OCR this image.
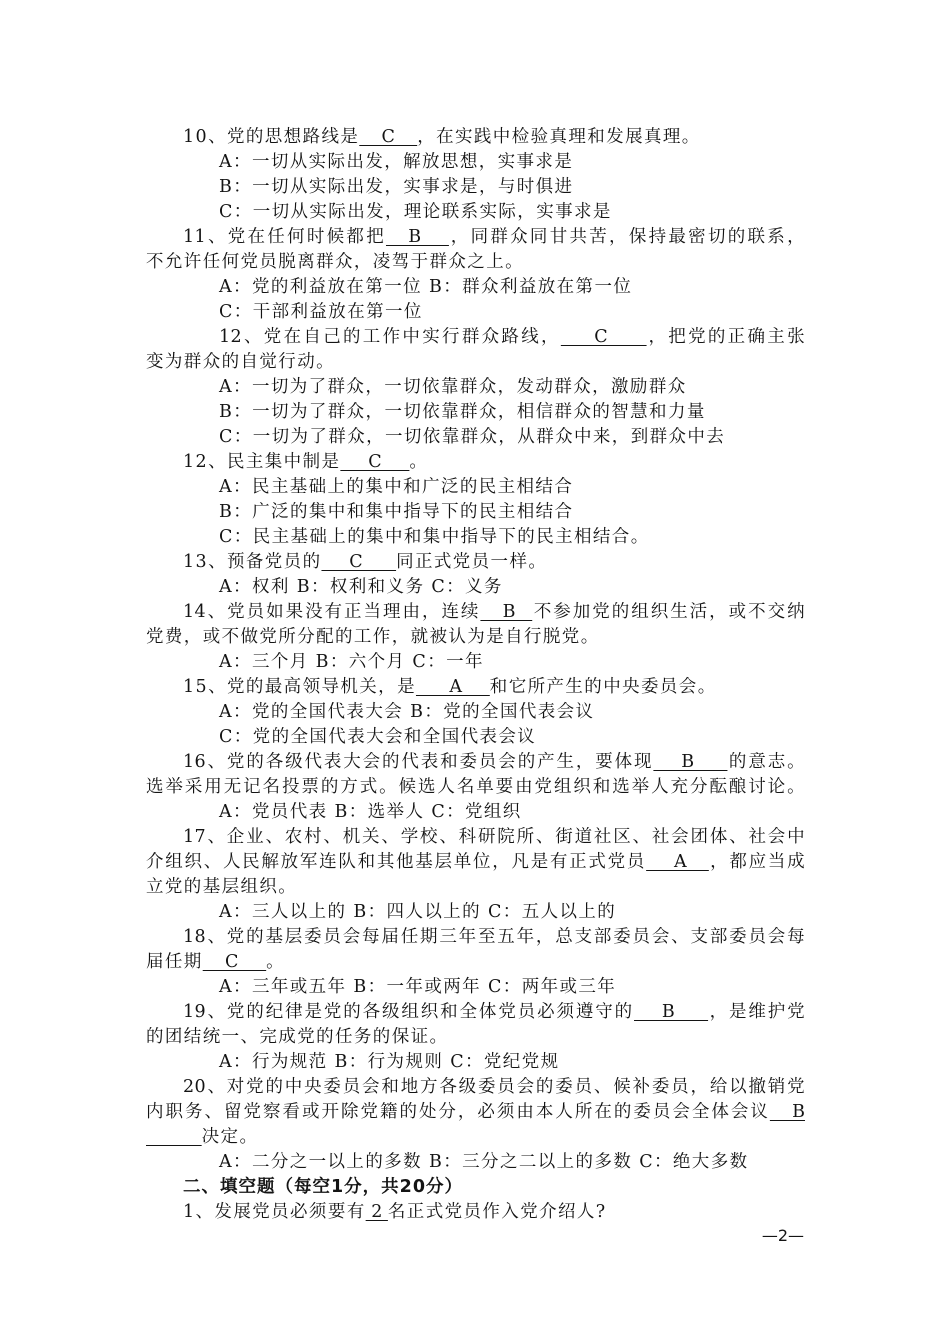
10、党的思想路线是    C    ，在实践中检验真理和发展真理。

A：一切从实际出发，解放思想，实事求是

B：一切从实际出发，实事求是，与时俱进

C：一切从实际出发，理论联系实际，实事求是

11、党在任何时候都把    B     ，同群众同甘共苦，保持最密切的联系，

不允许任何党员脱离群众，凌驾于群众之上。

A：党的利益放在第一位 B：群众利益放在第一位

C：干部利益放在第一位

12、党在自己的工作中实行群众路线，      C       ，把党的正确主张

变为群众的自觉行动。

A：一切为了群众，一切依靠群众，发动群众，激励群众

B：一切为了群众，一切依靠群众，相信群众的智慧和力量

C：一切为了群众，一切依靠群众，从群众中来，到群众中去

12、民主集中制是     C     。

A：民主基础上的集中和广泛的民主相结合

B：广泛的集中和集中指导下的民主相结合

C：民主基础上的集中和集中指导下的民主相结合。

13、预备党员的     C      同正式党员一样。

A：权利 B：权利和义务 C：义务

14、党员如果没有正当理由，连续    B   不参加党的组织生活，或不交纳

党费，或不做党所分配的工作，就被认为是自行脱党。

A：三个月 B：六个月 C：一年

15、党的最高领导机关，是      A     和它所产生的中央委员会。

A：党的全国代表大会 B：党的全国代表会议

C：党的全国代表大会和全国代表会议

16、党的各级代表大会的代表和委员会的产生，要体现     B      的意志。

选举采用无记名投票的方式。候选人名单要由党组织和选举人充分酝酿讨论。

A：党员代表 B：选举人 C：党组织

17、企业、农村、机关、学校、科研院所、街道社区、社会团体、社会中

介组织、人民解放军连队和其他基层单位，凡是有正式党员     A    ，都应当成

立党的基层组织。

A：三人以上的 B：四人以上的 C：五人以上的

18、党的基层委员会每届任期三年至五年，总支部委员会、支部委员会每

届任期    C     。

A：三年或五年 B：一年或两年 C：两年或三年

19、党的纪律是党的各级组织和全体党员必须遵守的     B      ，是维护党

的团结统一、完成党的任务的保证。

A：行为规范 B：行为规则 C：党纪党规

20、对党的中央委员会和地方各级委员会的委员、候补委员，给以撤销党

内职务、留党察看或开除党籍的处分，必须由本人所在的委员会全体会议    B

决定。

A：二分之一以上的多数 B：三分之二以上的多数 C：绝大多数

二、填空题（每空1分，共20分）

1、发展党员必须要有 2 名正式党员作入党介绍人?

—2—
